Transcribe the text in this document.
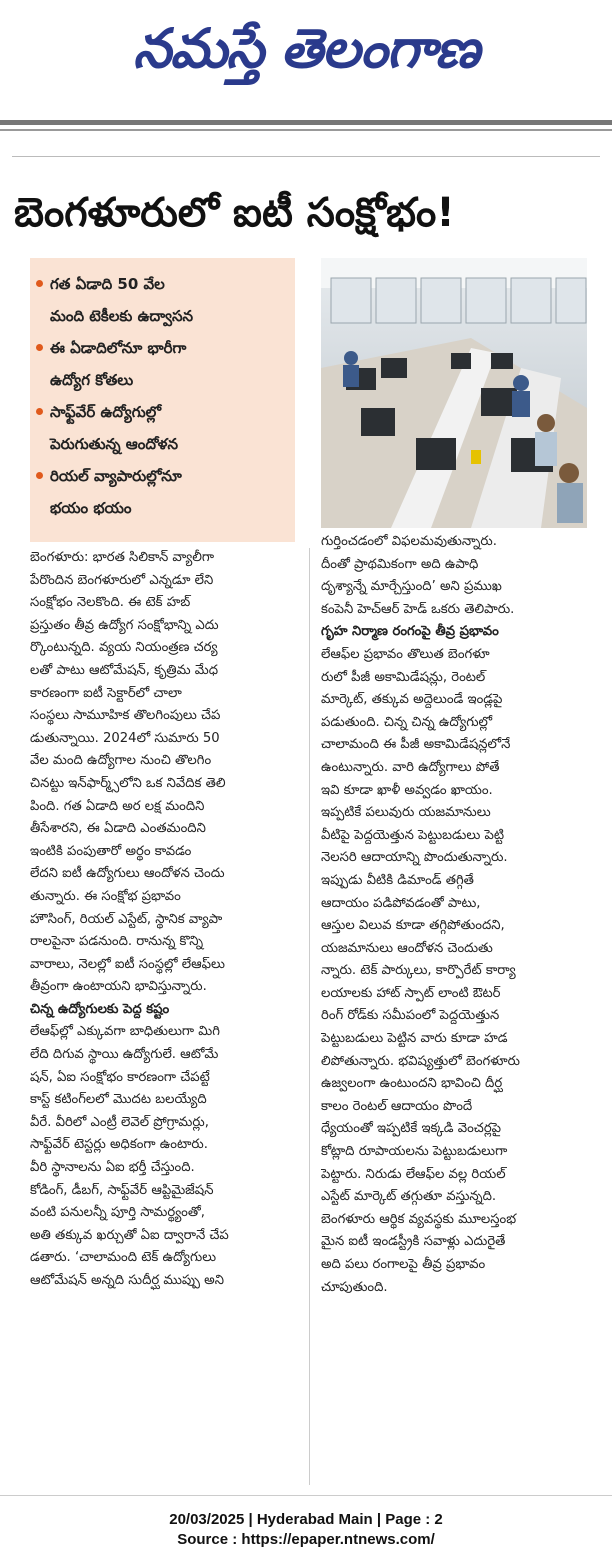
నమస్తే తెలంగాణ
బెంగళూరులో ఐటీ సంక్షోభం!
గత ఏడాది 50 వేల
మంది టెకీలకు ఉద్వాసన
ఈ ఏడాదిలోనూ భారీగా
ఉద్యోగ కోతలు
సాఫ్ట్‌వేర్ ఉద్యోగుల్లో
పెరుగుతున్న ఆందోళన
రియల్ వ్యాపారుల్లోనూ
భయం భయం

బెంగళూరు: భారత సిలికాన్ వ్యాలీగా

పేరొందిన బెంగళూరులో ఎన్నడూ లేని

సంక్షోభం నెలకొంది. ఈ టెక్ హబ్

ప్రస్తుతం తీవ్ర ఉద్యోగ సంక్షోభాన్ని ఎదు

ర్కొంటున్నది. వ్యయ నియంత్రణ చర్య

లతో పాటు ఆటోమేషన్, కృత్రిమ మేధ

కారణంగా ఐటీ సెక్టార్‌లో చాలా

సంస్థలు సామూహిక తొలగింపులు చేప

డుతున్నాయి. 2024లో సుమారు 50

వేల మంది ఉద్యోగాల నుంచి తొలగిం

చినట్టు ఇన్‌ఫార్మ్స్‌లోని ఒక నివేదిక తెలి

పింది. గత ఏడాది అర లక్ష మందిని

తీసేశారని, ఈ ఏడాది ఎంతమందిని

ఇంటికి పంపుతారో అర్థం కావడం

లేదని ఐటీ ఉద్యోగులు ఆందోళన చెందు

తున్నారు. ఈ సంక్షోభ ప్రభావం

హౌసింగ్, రియల్ ఎస్టేట్, స్థానిక వ్యాపా

రాలపైనా పడనుంది. రానున్న కొన్ని

వారాలు, నెలల్లో ఐటీ సంస్థల్లో లేఆఫ్‌లు

తీవ్రంగా ఉంటాయని భావిస్తున్నారు.

చిన్న ఉద్యోగులకు పెద్ద కష్టం

లేఆఫ్‌ల్లో ఎక్కువగా బాధితులుగా మిగి

లేది దిగువ స్థాయి ఉద్యోగులే. ఆటోమే

షన్, ఏఐ సంక్షోభం కారణంగా చేపట్టే

కాస్ట్ కటింగ్‌లలో మొదట బలయ్యేది

వీరే. వీరిలో ఎంట్రీ లెవెల్ ప్రోగ్రామర్లు,

సాఫ్ట్‌వేర్ టెస్టర్లు అధికంగా ఉంటారు.

వీరి స్థానాలను ఏఐ భర్తీ చేస్తుంది.

కోడింగ్, డీబగ్, సాఫ్ట్‌వేర్ ఆప్టిమైజేషన్

వంటి పనులన్నీ పూర్తి సామర్థ్యంతో,

అతి తక్కువ ఖర్చుతో ఏఐ ద్వారానే చేప

డతారు. ‘చాలామంది టెక్ ఉద్యోగులు

ఆటోమేషన్ అన్నది సుదీర్ఘ ముప్పు అని

గుర్తించడంలో విఫలమవుతున్నారు.

దీంతో ప్రాథమికంగా అది ఉపాధి

దృశ్యాన్నే మార్చేస్తుంది’ అని ప్రముఖ

కంపెనీ హెచ్‌ఆర్ హెడ్ ఒకరు తెలిపారు.

గృహ నిర్మాణ రంగంపై తీవ్ర ప్రభావం

లేఆఫ్‌ల ప్రభావం తొలుత బెంగళూ

రులో పీజీ అకామిడేషన్లు, రెంటల్

మార్కెట్, తక్కువ అద్దెలుండే ఇండ్లపై

పడుతుంది. చిన్న చిన్న ఉద్యోగుల్లో

చాలామంది ఈ పీజీ అకామిడేషన్లలోనే

ఉంటున్నారు. వారి ఉద్యోగాలు పోతే

ఇవి కూడా ఖాళీ అవ్వడం ఖాయం.

ఇప్పటికే పలువురు యజమానులు

వీటిపై పెద్దయెత్తున పెట్టుబడులు పెట్టి

నెలసరి ఆదాయాన్ని పొందుతున్నారు.

ఇప్పుడు వీటికి డిమాండ్ తగ్గితే

ఆదాయం పడిపోవడంతో పాటు,

ఆస్తుల విలువ కూడా తగ్గిపోతుందని,

యజమానులు ఆందోళన చెందుతు

న్నారు. టెక్ పార్కులు, కార్పొరేట్ కార్యా

లయాలకు హాట్ స్పాట్ లాంటి ఔటర్

రింగ్ రోడ్‌కు సమీపంలో పెద్దయెత్తున

పెట్టుబడులు పెట్టిన వారు కూడా హడ

లిపోతున్నారు. భవిష్యత్తులో బెంగళూరు

ఉజ్వలంగా ఉంటుందని భావించి దీర్ఘ

కాలం రెంటల్ ఆదాయం పొందే

ధ్యేయంతో ఇప్పటికే ఇక్కడి వెంచర్లపై

కోట్లాది రూపాయలను పెట్టుబడులుగా

పెట్టారు. నిరుడు లేఆఫ్‌ల వల్ల రియల్

ఎస్టేట్ మార్కెట్ తగ్గుతూ వస్తున్నది.

బెంగళూరు ఆర్థిక వ్యవస్థకు మూలస్తంభ

మైన ఐటీ ఇండస్ట్రీకి సవాళ్లు ఎదురైతే

అది పలు రంగాలపై తీవ్ర ప్రభావం

చూపుతుంది.

20/03/2025 | Hyderabad Main | Page : 2
Source : https://epaper.ntnews.com/
